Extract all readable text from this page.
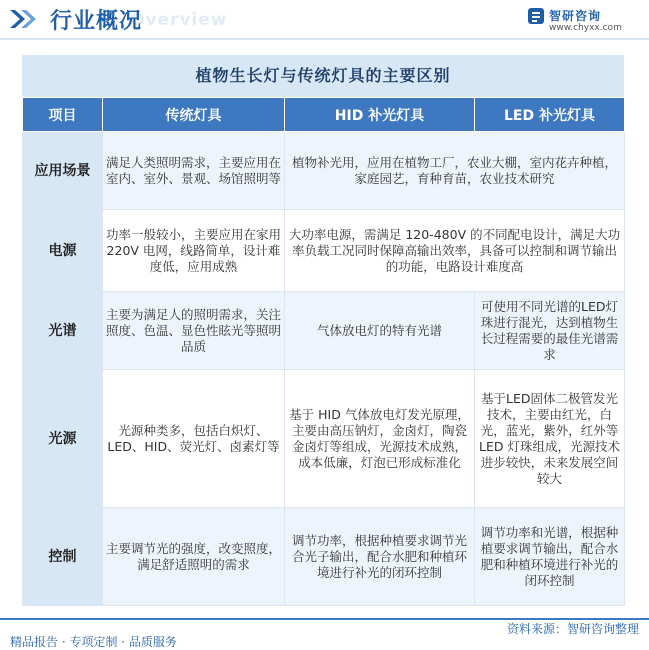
Overview
行业概况	智研咨询
www.chyxx.com
植物生长灯与传统灯具的主要区别
项目	传统灯具	HID 补光灯具	LED 补光灯具
应用场景	满足人类照明需求，主要应用在室内、室外、景观、场馆照明等	植物补光用，应用在植物工厂，农业大棚，室内花卉种植，家庭园艺，育种育苗，农业技术研究	
电源	功率一般较小，主要应用在家用 220V 电网，线路简单，设计难度低，应用成熟	大功率电源，需满足 120-480V 的不同配电设计，满足大功率负载工况同时保障高输出效率，具备可以控制和调节输出的功能，电路设计难度高	
光谱	主要为满足人的照明需求，关注照度、色温、显色性眩光等照明品质	气体放电灯的特有光谱	可使用不同光谱的LED灯珠进行混光，达到植物生长过程需要的最佳光谱需求
光源	光源种类多，包括白炽灯、LED、HID、荧光灯、卤素灯等	基于 HID 气体放电灯发光原理，主要由高压钠灯，金卤灯，陶瓷金卤灯等组成，光源技术成熟，成本低廉，灯泡已形成标准化	基于LED固体二极管发光技术，主要由红光，白光，蓝光，紫外，红外等 LED 灯珠组成，光源技术进步较快，未来发展空间较大
控制	主要调节光的强度，改变照度，满足舒适照明的需求	调节功率，根据种植要求调节光合光子输出，配合水肥和种植环境进行补光的闭环控制	调节功率和光谱，根据种植要求调节输出，配合水肥和种植环境进行补光的闭环控制
资料来源：智研咨询整理
精品报告 · 专项定制 · 品质服务
